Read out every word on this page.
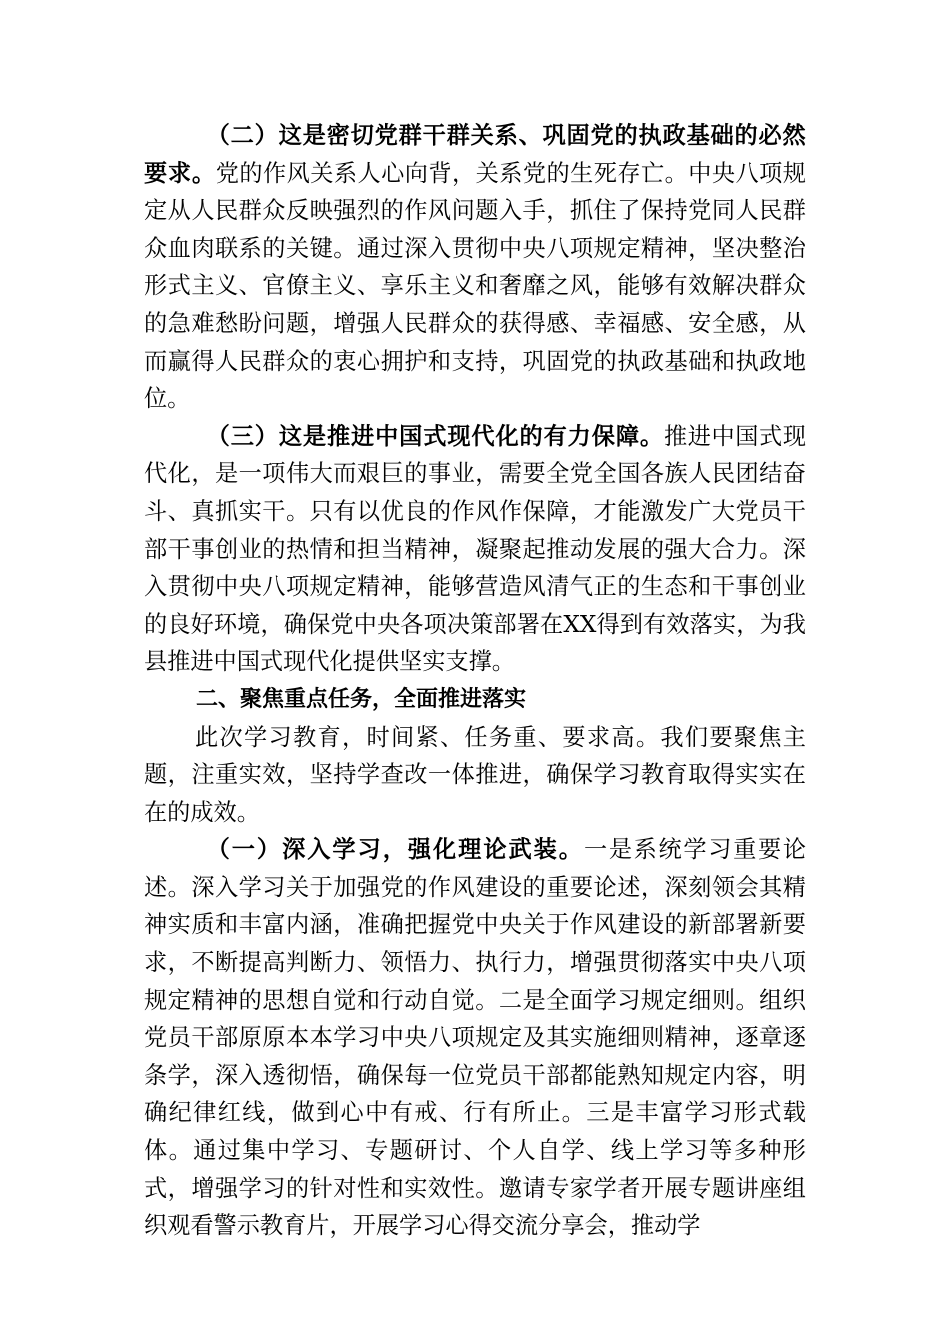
（二）这是密切党群干群关系、巩固党的执政基础的必然要求。党的作风关系人心向背，关系党的生死存亡。中央八项规定从人民群众反映强烈的作风问题入手，抓住了保持党同人民群众血肉联系的关键。通过深入贯彻中央八项规定精神，坚决整治形式主义、官僚主义、享乐主义和奢靡之风，能够有效解决群众的急难愁盼问题，增强人民群众的获得感、幸福感、安全感，从而赢得人民群众的衷心拥护和支持，巩固党的执政基础和执政地位。

（三）这是推进中国式现代化的有力保障。推进中国式现代化，是一项伟大而艰巨的事业，需要全党全国各族人民团结奋斗、真抓实干。只有以优良的作风作保障，才能激发广大党员干部干事创业的热情和担当精神，凝聚起推动发展的强大合力。深入贯彻中央八项规定精神，能够营造风清气正的生态和干事创业的良好环境，确保党中央各项决策部署在XX得到有效落实，为我县推进中国式现代化提供坚实支撑。

二、聚焦重点任务，全面推进落实

此次学习教育，时间紧、任务重、要求高。我们要聚焦主题，注重实效，坚持学查改一体推进，确保学习教育取得实实在在的成效。

（一）深入学习，强化理论武装。一是系统学习重要论述。深入学习关于加强党的作风建设的重要论述，深刻领会其精神实质和丰富内涵，准确把握党中央关于作风建设的新部署新要求，不断提高判断力、领悟力、执行力，增强贯彻落实中央八项规定精神的思想自觉和行动自觉。二是全面学习规定细则。组织党员干部原原本本学习中央八项规定及其实施细则精神，逐章逐条学，深入透彻悟，确保每一位党员干部都能熟知规定内容，明确纪律红线，做到心中有戒、行有所止。三是丰富学习形式载体。通过集中学习、专题研讨、个人自学、线上学习等多种形式，增强学习的针对性和实效性。邀请专家学者开展专题讲座组织观看警示教育片，开展学习心得交流分享会，推动学
